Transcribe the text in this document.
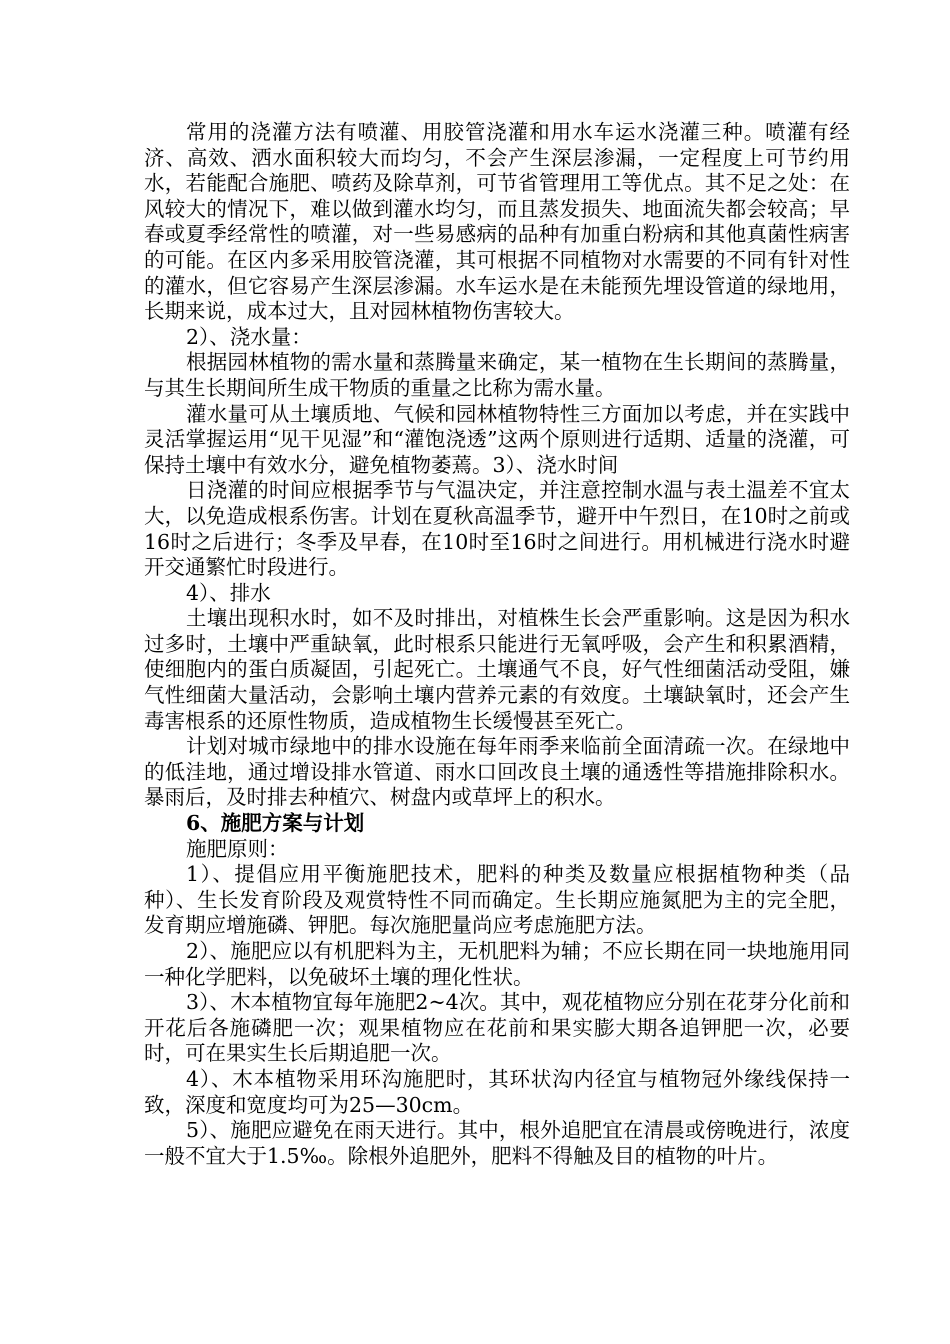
常用的浇灌方法有喷灌、用胶管浇灌和用水车运水浇灌三种。喷灌有经济、高效、洒水面积较大而均匀，不会产生深层渗漏，一定程度上可节约用水，若能配合施肥、喷药及除草剂，可节省管理用工等优点。其不足之处：在风较大的情况下，难以做到灌水均匀，而且蒸发损失、地面流失都会较高；早春或夏季经常性的喷灌，对一些易感病的品种有加重白粉病和其他真菌性病害的可能。在区内多采用胶管浇灌，其可根据不同植物对水需要的不同有针对性的灌水，但它容易产生深层渗漏。水车运水是在未能预先埋设管道的绿地用，长期来说，成本过大，且对园林植物伤害较大。

2）、浇水量：

根据园林植物的需水量和蒸腾量来确定，某一植物在生长期间的蒸腾量，与其生长期间所生成干物质的重量之比称为需水量。

灌水量可从土壤质地、气候和园林植物特性三方面加以考虑，并在实践中灵活掌握运用“见干见湿”和“灌饱浇透”这两个原则进行适期、适量的浇灌，可保持土壤中有效水分，避免植物萎蔫。3）、浇水时间

日浇灌的时间应根据季节与气温决定，并注意控制水温与表土温差不宜太大，以免造成根系伤害。计划在夏秋高温季节，避开中午烈日，在10时之前或16时之后进行；冬季及早春，在10时至16时之间进行。用机械进行浇水时避开交通繁忙时段进行。

4）、排水

土壤出现积水时，如不及时排出，对植株生长会严重影响。这是因为积水过多时，土壤中严重缺氧，此时根系只能进行无氧呼吸，会产生和积累酒精，使细胞内的蛋白质凝固，引起死亡。土壤通气不良，好气性细菌活动受阻，嫌气性细菌大量活动，会影响土壤内营养元素的有效度。土壤缺氧时，还会产生毒害根系的还原性物质，造成植物生长缓慢甚至死亡。

计划对城市绿地中的排水设施在每年雨季来临前全面清疏一次。在绿地中的低洼地，通过增设排水管道、雨水口回改良土壤的通透性等措施排除积水。暴雨后，及时排去种植穴、树盘内或草坪上的积水。

6、施肥方案与计划

施肥原则：

1）、提倡应用平衡施肥技术，肥料的种类及数量应根据植物种类（品种）、生长发育阶段及观赏特性不同而确定。生长期应施氮肥为主的完全肥，发育期应增施磷、钾肥。每次施肥量尚应考虑施肥方法。

2）、施肥应以有机肥料为主，无机肥料为辅；不应长期在同一块地施用同一种化学肥料，以免破坏土壤的理化性状。

3）、木本植物宜每年施肥2~4次。其中，观花植物应分别在花芽分化前和开花后各施磷肥一次；观果植物应在花前和果实膨大期各追钾肥一次，必要时，可在果实生长后期追肥一次。

4）、木本植物采用环沟施肥时，其环状沟内径宜与植物冠外缘线保持一致，深度和宽度均可为25—30cm。

5）、施肥应避免在雨天进行。其中，根外追肥宜在清晨或傍晚进行，浓度一般不宜大于1.5‰。除根外追肥外，肥料不得触及目的植物的叶片。
